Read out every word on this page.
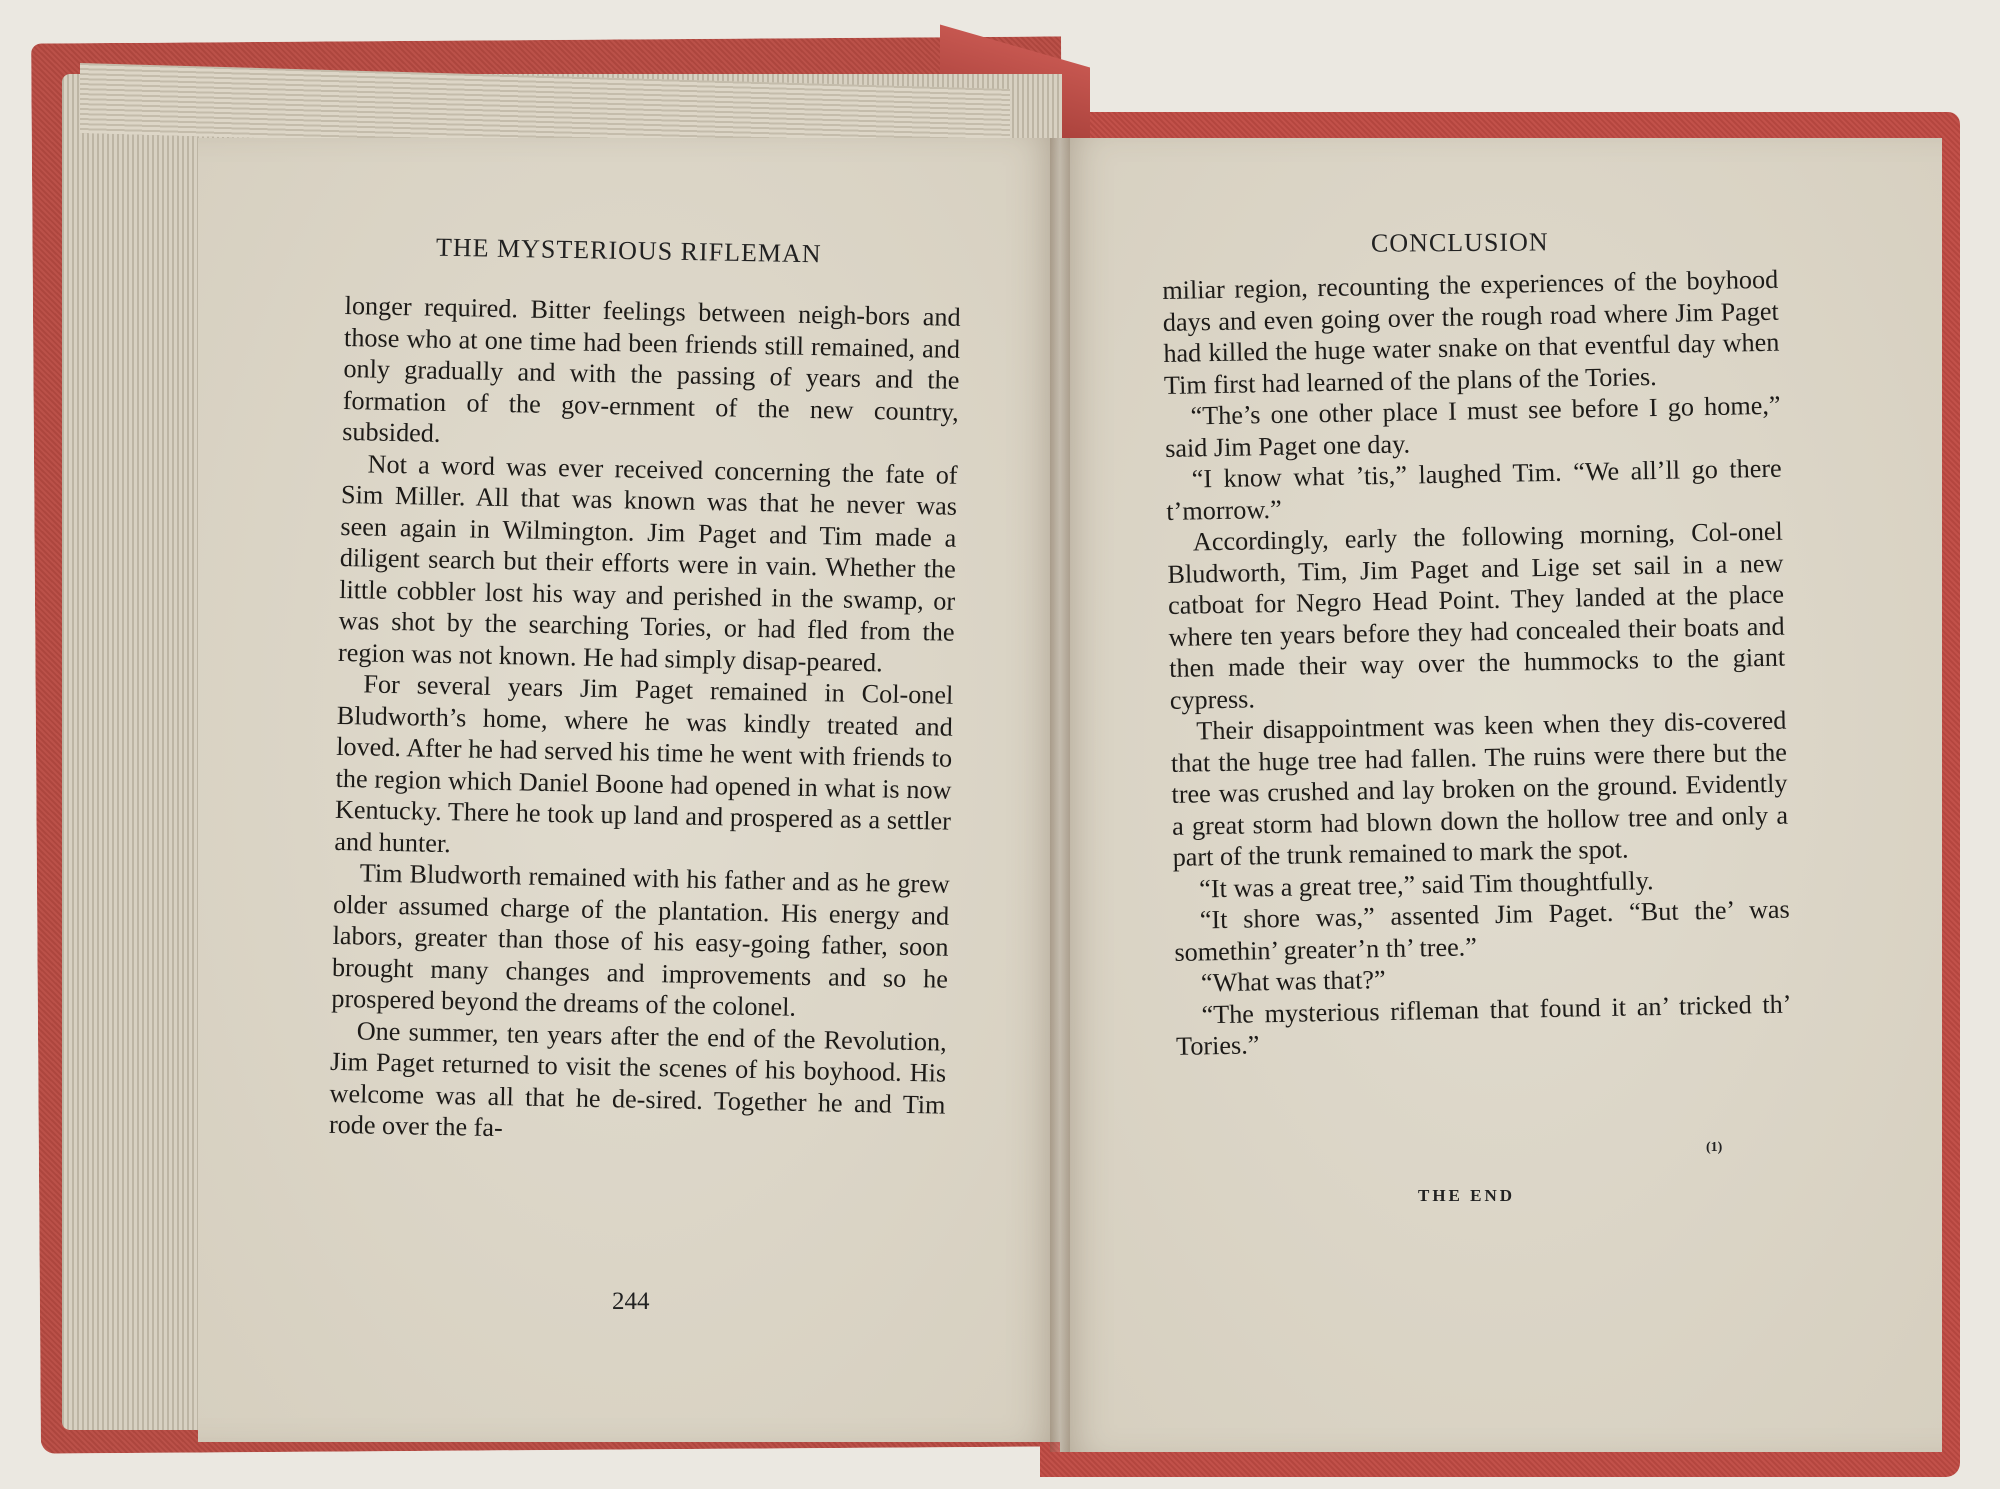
THE MYSTERIOUS RIFLEMAN	CONCLUSION

longer required. Bitter feelings between neigh-bors and those who at one time had been friends still remained, and only gradually and with the passing of years and the formation of the gov-ernment of the new country, subsided.

Not a word was ever received concerning the fate of Sim Miller. All that was known was that he never was seen again in Wilmington. Jim Paget and Tim made a diligent search but their efforts were in vain. Whether the little cobbler lost his way and perished in the swamp, or was shot by the searching Tories, or had fled from the region was not known. He had simply disap-peared.

For several years Jim Paget remained in Col-onel Bludworth’s home, where he was kindly treated and loved. After he had served his time he went with friends to the region which Daniel Boone had opened in what is now Kentucky. There he took up land and prospered as a settler and hunter.

Tim Bludworth remained with his father and as he grew older assumed charge of the plantation. His energy and labors, greater than those of his easy-going father, soon brought many changes and improvements and so he prospered beyond the dreams of the colonel.

One summer, ten years after the end of the Revolution, Jim Paget returned to visit the scenes of his boyhood. His welcome was all that he de-sired. Together he and Tim rode over the fa-

244

miliar region, recounting the experiences of the boyhood days and even going over the rough road where Jim Paget had killed the huge water snake on that eventful day when Tim first had learned of the plans of the Tories.

“The’s one other place I must see before I go home,” said Jim Paget one day.

“I know what ’tis,” laughed Tim. “We all’ll go there t’morrow.”

Accordingly, early the following morning, Col-onel Bludworth, Tim, Jim Paget and Lige set sail in a new catboat for Negro Head Point. They landed at the place where ten years before they had concealed their boats and then made their way over the hummocks to the giant cypress.

Their disappointment was keen when they dis-covered that the huge tree had fallen. The ruins were there but the tree was crushed and lay broken on the ground. Evidently a great storm had blown down the hollow tree and only a part of the trunk remained to mark the spot.

“It was a great tree,” said Tim thoughtfully.

“It shore was,” assented Jim Paget. “But the’ was somethin’ greater’n th’ tree.”

“What was that?”

“The mysterious rifleman that found it an’ tricked th’ Tories.”

(1)
THE END
